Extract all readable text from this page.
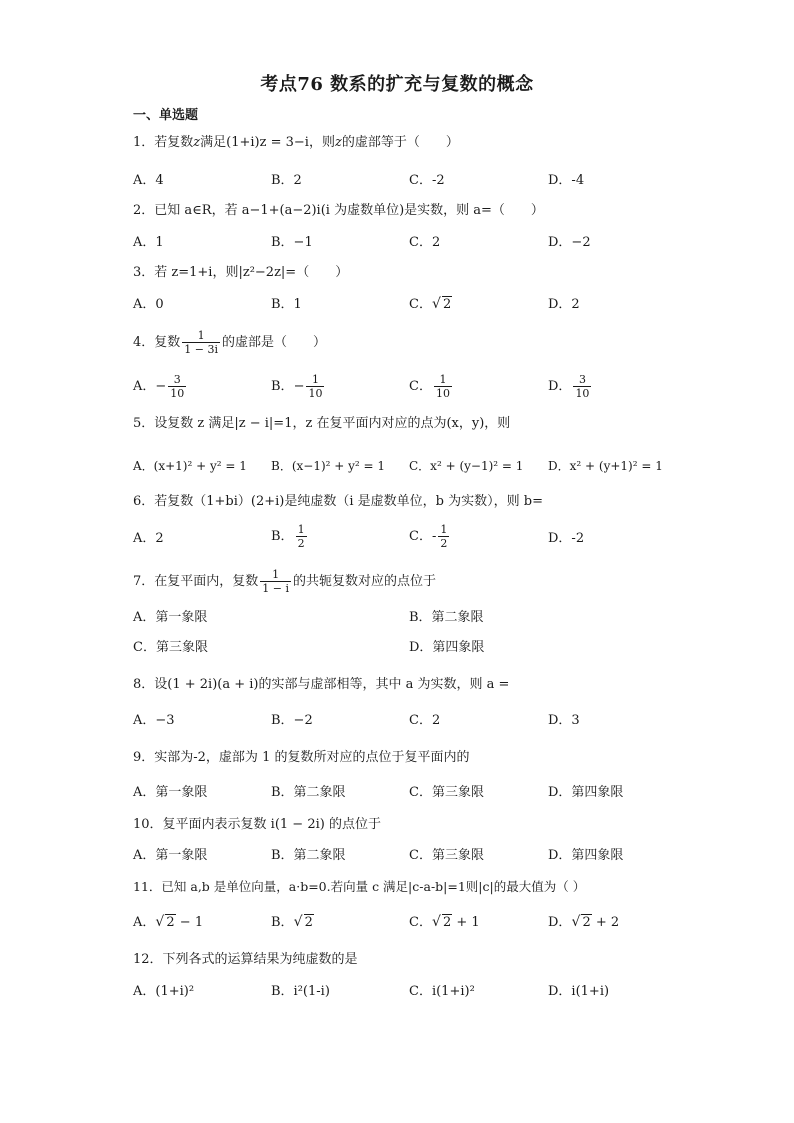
考点76 数系的扩充与复数的概念
一、单选题
1．若复数z满足(1+i)z = 3−i，则z的虚部等于（　　）
A．4	B．2	C．-2	D．-4
2．已知 a∈R，若 a−1+(a−2)i(i 为虚数单位)是实数，则 a=（　　）
A．1	B．−1	C．2	D．−2
3．若 z=1+i，则|z²−2z|=（　　）
A．0	B．1	C． √ 2	D．2
4．复数 $\frac{1}{1 - 3i}$ 的虚部是（　　）
A．− $\frac{3}{10}$	B．− $\frac{1}{10}$	C． $\frac{1}{10}$	D． $\frac{3}{10}$
5．设复数 z 满足|z − i|=1，z 在复平面内对应的点为(x，y)，则
A．(x+1)² + y² = 1 B．(x−1)² + y² = 1 C．x² + (y−1)² = 1 D．x² + (y+1)² = 1
6．若复数（1+bi）(2+i)是纯虚数（i 是虚数单位，b 为实数），则 b=
A．2	B． $\frac{1}{2}$	C．- $\frac{1}{2}$	D．-2
7．在复平面内，复数 $\frac{1}{1 - i}$ 的共轭复数对应的点位于
A．第一象限	B．第二象限
C．第三象限	D．第四象限
8．设(1 + 2i)(a + i)的实部与虚部相等，其中 a 为实数，则 a =
A．−3	B．−2	C．2	D．3
9．实部为-2，虚部为 1 的复数所对应的点位于复平面内的
A．第一象限	B．第二象限	C．第三象限	D．第四象限
10．复平面内表示复数 i(1 − 2i) 的点位于
A．第一象限	B．第二象限	C．第三象限	D．第四象限
11．已知 a,b 是单位向量，a·b=0.若向量 c 满足|c-a-b|=1则|c|的最大值为（ ）
A． √ 2 − 1	B． √ 2	C． √ 2 + 1	D． √ 2 + 2
12．下列各式的运算结果为纯虚数的是
A．(1+i)²	B．i²(1-i)	C．i(1+i)²	D．i(1+i)
